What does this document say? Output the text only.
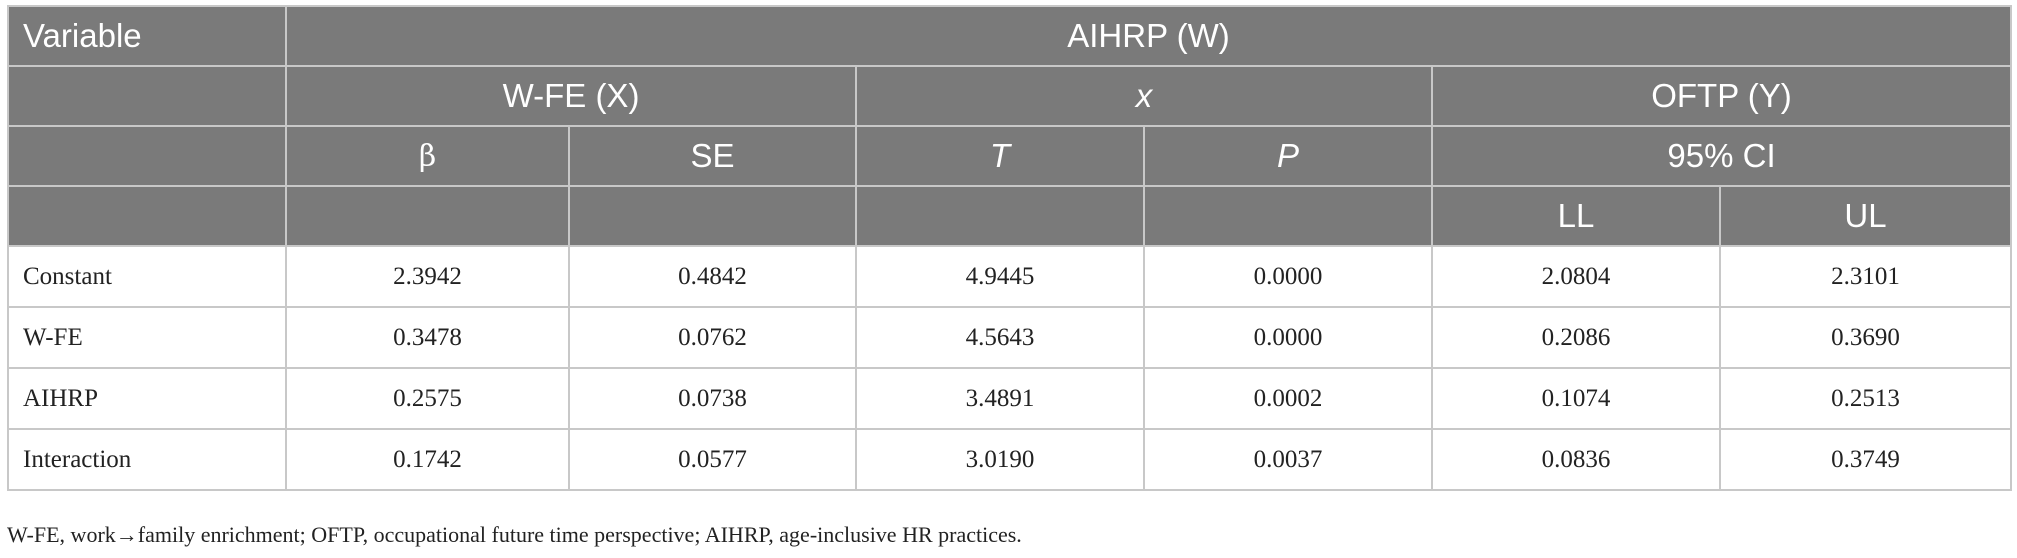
Variable	AIHRP (W)					
	W-FE (X)		x		OFTP (Y)	
	β	SE	T	P	95% CI	
					LL	UL
Constant	2.3942	0.4842	4.9445	0.0000	2.0804	2.3101
W-FE	0.3478	0.0762	4.5643	0.0000	0.2086	0.3690
AIHRP	0.2575	0.0738	3.4891	0.0002	0.1074	0.2513
Interaction	0.1742	0.0577	3.0190	0.0037	0.0836	0.3749
W-FE, work→family enrichment; OFTP, occupational future time perspective; AIHRP, age-inclusive HR practices.
